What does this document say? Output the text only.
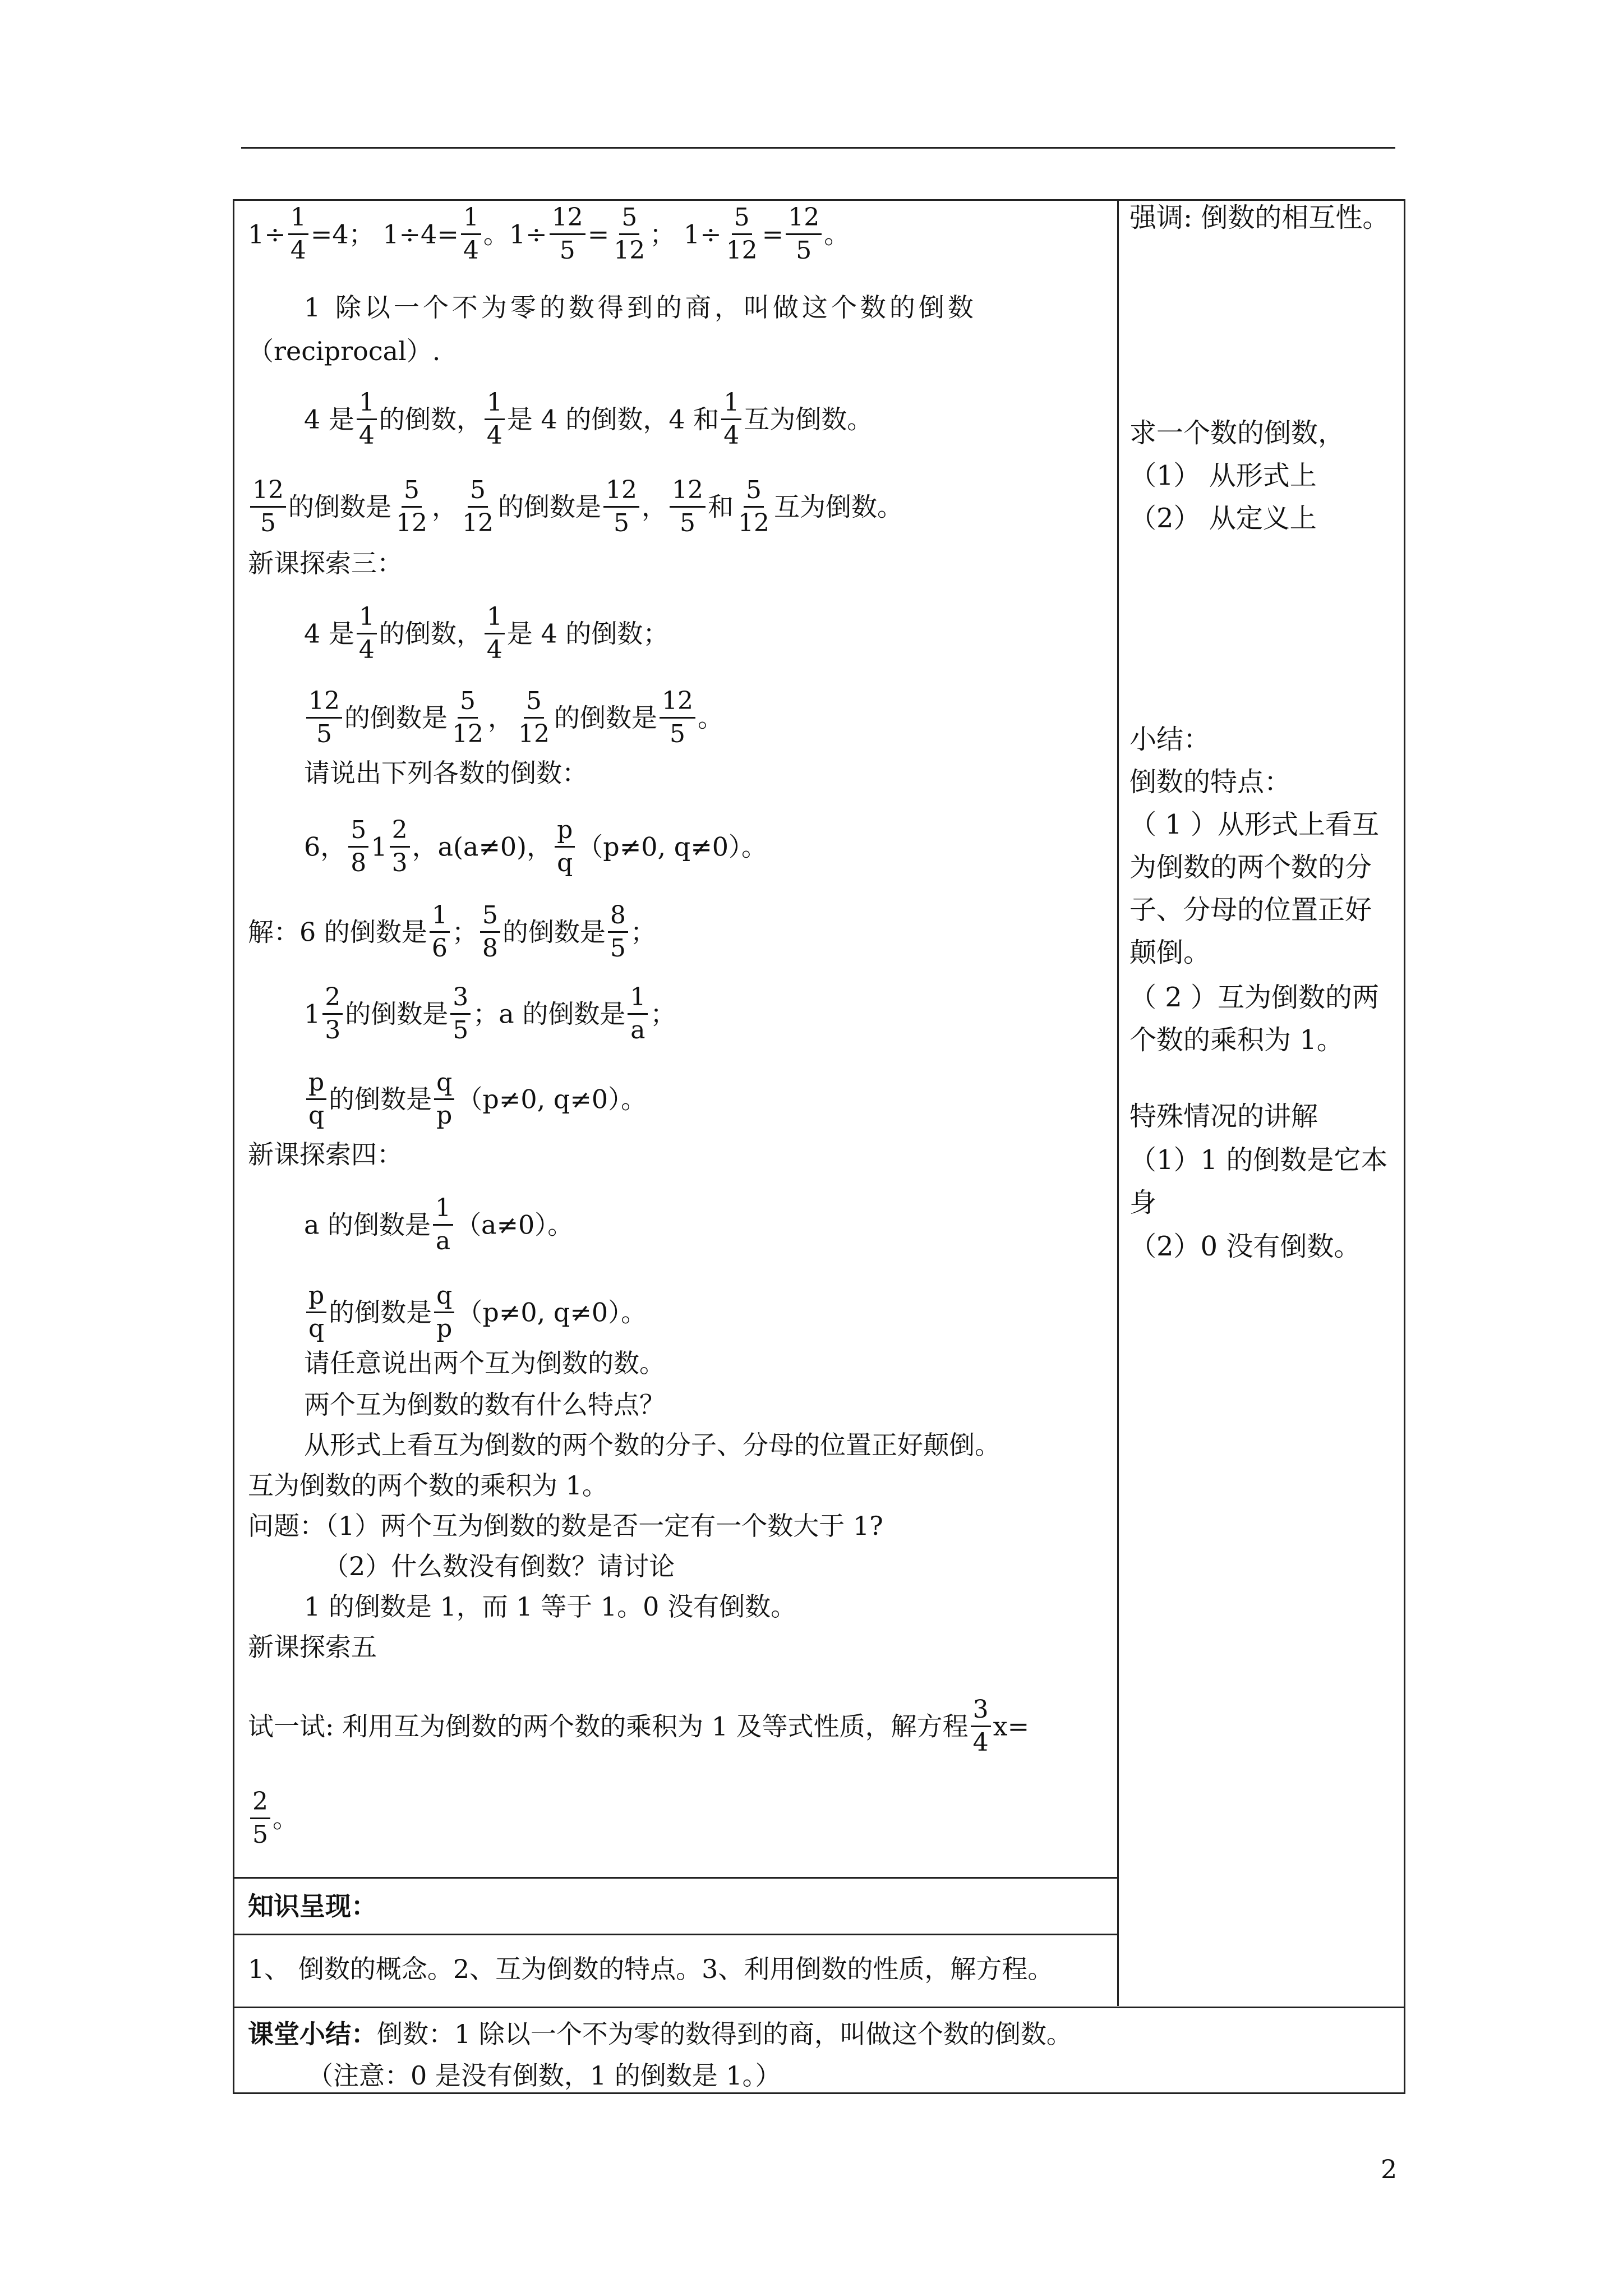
$1\div \frac{1}{4} =4$； $1\div 4= \frac{1}{4}$ 。$1\div \frac{12}{5} = \frac{5}{12}$ ； $1\div \frac{5}{12} = \frac{12}{5}$ 。
1 除以一个不为零的数得到的商，叫做这个数的倒数
（reciprocal）.
4 是 $\frac{1}{4}$ 的倒数， $\frac{1}{4}$ 是 4 的倒数，4 和 $\frac{1}{4}$ 互为倒数。
$\frac{12}{5}$ 的倒数是 $\frac{5}{12}$ ， $\frac{5}{12}$ 的倒数是 $\frac{12}{5}$ ， $\frac{12}{5}$ 和 $\frac{5}{12}$ 互为倒数。
新课探索三：
4 是 $\frac{1}{4}$ 的倒数， $\frac{1}{4}$ 是 4 的倒数；
$\frac{12}{5}$ 的倒数是 $\frac{5}{12}$ ， $\frac{5}{12}$ 的倒数是 $\frac{12}{5}$ 。
请说出下列各数的倒数：
6， $\frac{5}{8} 1 \frac{2}{3}$ ，a(a≠0)， $\frac{p}{q} (p\ne 0$, q≠0）。
解：6 的倒数是 $\frac{1}{6}$ ； $\frac{5}{8}$ 的倒数是 $\frac{8}{5}$ ；
$1 \frac{2}{3}$ 的倒数是 $\frac{3}{5}$ ；a 的倒数是 $\frac{1}{a}$ ；
$\frac{p}{q}$ 的倒数是 $\frac{q}{p} (p\ne 0$, q≠0）。
新课探索四：
a 的倒数是 $\frac{1}{a} (a\ne 0)$。
$\frac{p}{q}$ 的倒数是 $\frac{q}{p} (p\ne 0$, q≠0）。
请任意说出两个互为倒数的数。
两个互为倒数的数有什么特点？
从形式上看互为倒数的两个数的分子、分母的位置正好颠倒。
互为倒数的两个数的乘积为 1。
问题：（1）两个互为倒数的数是否一定有一个数大于 1?
（2）什么数没有倒数？请讨论
1 的倒数是 1，而 1 等于 1。0 没有倒数。
新课探索五
试一试: 利用互为倒数的两个数的乘积为 1 及等式性质，解方程 $\frac{3}{4} x=$
$\frac{2}{5}$ 。
知识呈现：
1、 倒数的概念。2、互为倒数的特点。3、利用倒数的性质，解方程。
强调: 倒数的相互性。
求一个数的倒数，
（1） 从形式上
（2） 从定义上
小结：
倒数的特点：
（ 1 ）从形式上看互
为倒数的两个数的分
子、分母的位置正好
颠倒。
（ 2 ）互为倒数的两
个数的乘积为 1。
特殊情况的讲解
（1）1 的倒数是它本
身
（2）0 没有倒数。
课堂小结：倒数：1 除以一个不为零的数得到的商，叫做这个数的倒数。
（注意：0 是没有倒数，1 的倒数是 1。）
2
